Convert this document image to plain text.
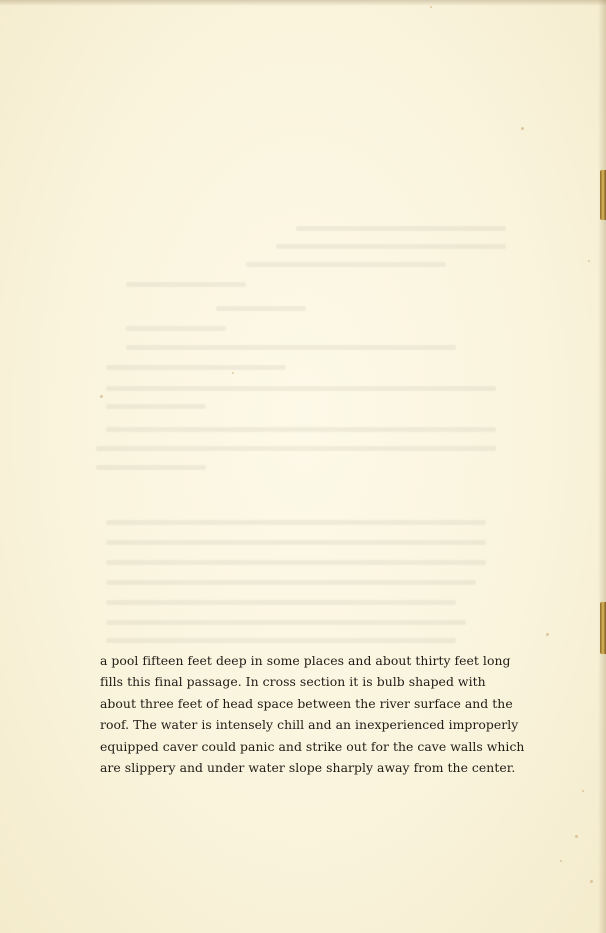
a pool fifteen feet deep in some places and about thirty feet long
fills this final passage. In cross section it is bulb shaped with
about three feet of head space between the river surface and the
roof. The water is intensely chill and an inexperienced improperly
equipped caver could panic and strike out for the cave walls which
are slippery and under water slope sharply away from the center.
